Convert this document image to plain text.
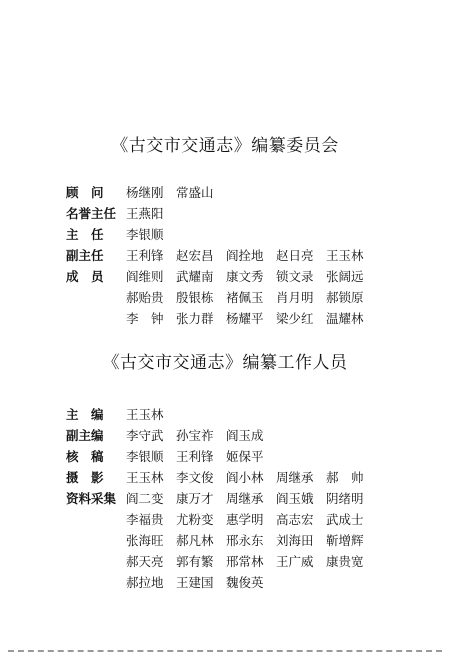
《古交市交通志》编纂委员会
顾　问	杨继刚 常盛山
名誉主任 王燕阳
主　任	李银顺
副主任	王利锋 赵宏昌 阎拴地 赵日亮 王玉林
成　员	阎维则 武耀南 康文秀 锁文录 张阔远
郝贻贵 殷银栋 褚佩玉 肖月明 郝锁原
李　钟 张力群 杨耀平 梁少红 温耀林
《古交市交通志》编纂工作人员
主　编	王玉林
副主编	李守武 孙宝祚 阎玉成
核　稿	李银顺 王利锋 姬保平
摄　影	王玉林 李文俊 阎小林 周继承 郝　帅
资料采集 阎二变 康万才 周继承 阎玉娥 阴绪明
李福贵 尤粉变 惠学明 高志宏 武成士
张海旺 郝凡林 邢永东 刘海田 靳增辉
郝天亮 郭有繁 邢常林 王广威 康贵宽
郝拉地 王建国 魏俊英
